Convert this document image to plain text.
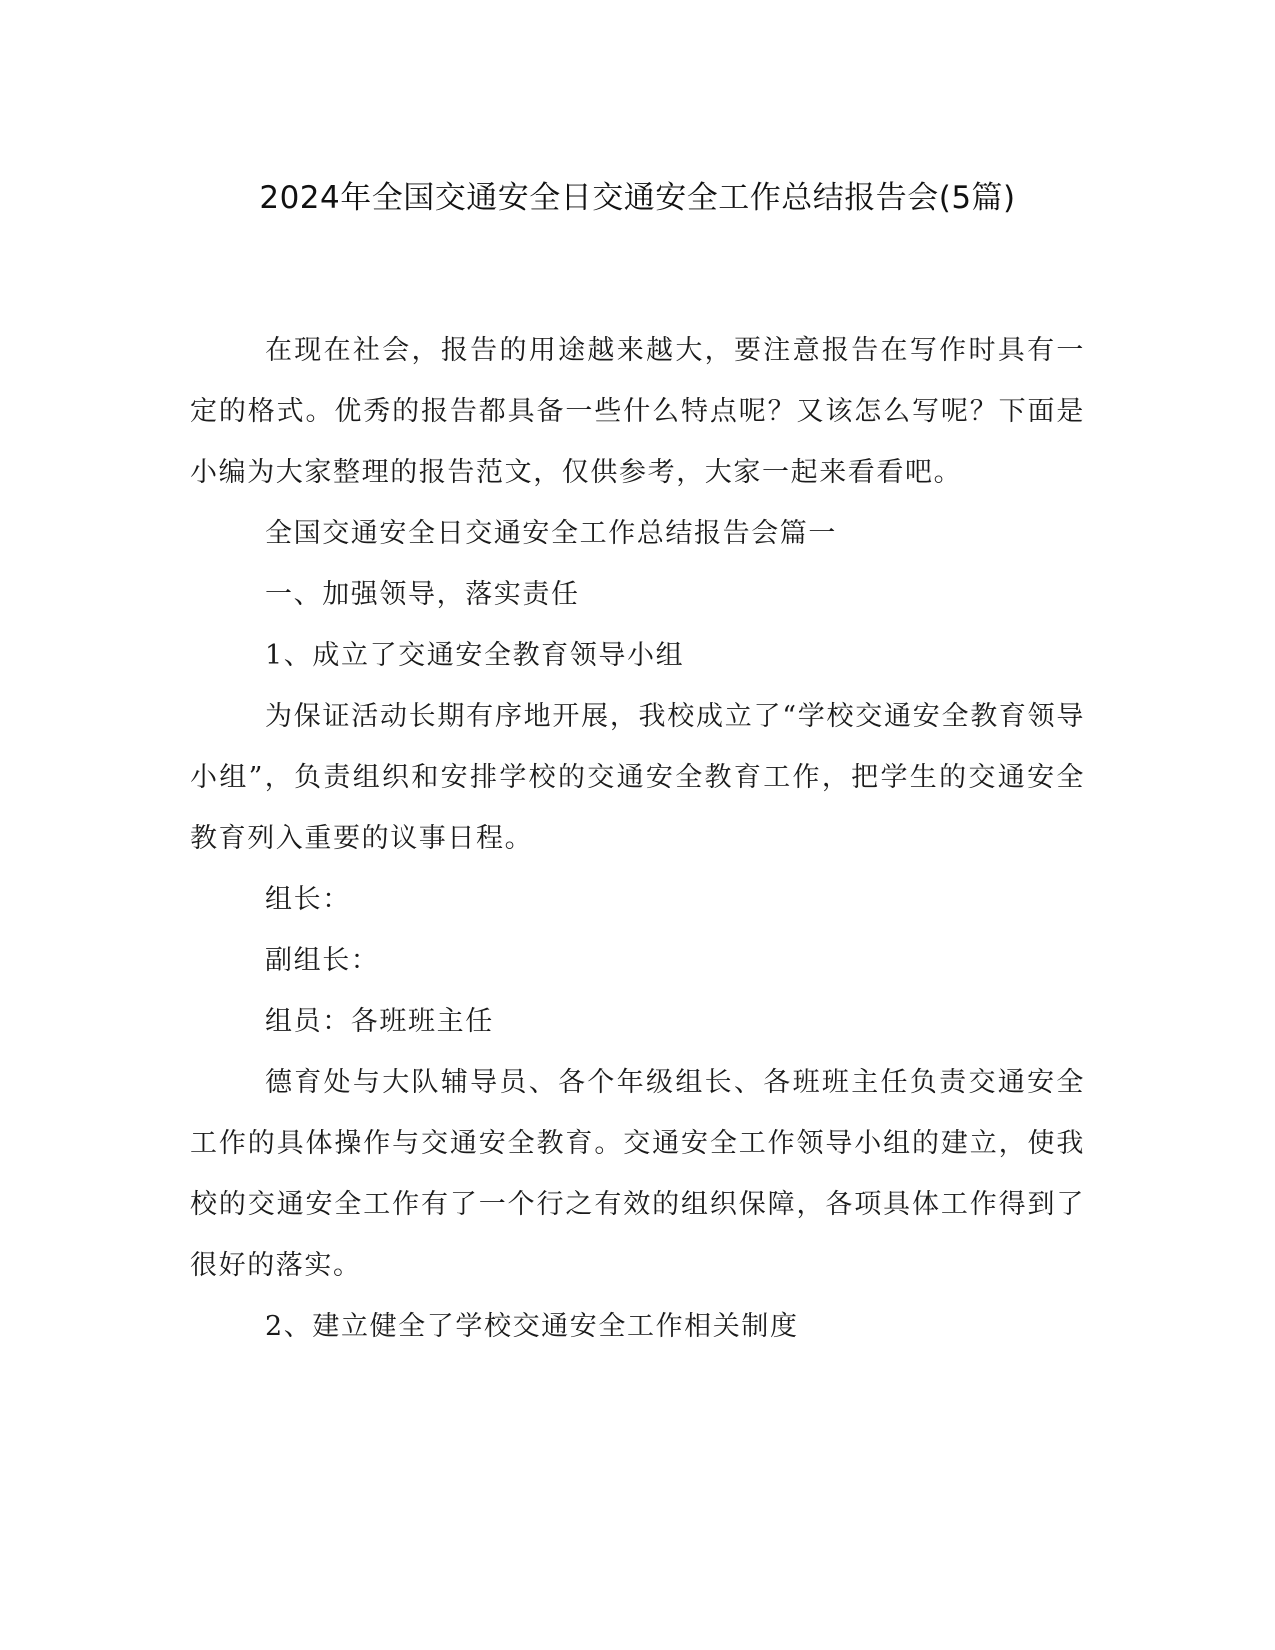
2024年全国交通安全日交通安全工作总结报告会(5篇)

在现在社会，报告的用途越来越大，要注意报告在写作时具有一定的格式。优秀的报告都具备一些什么特点呢？又该怎么写呢？下面是小编为大家整理的报告范文，仅供参考，大家一起来看看吧。

全国交通安全日交通安全工作总结报告会篇一

一、加强领导，落实责任

1、成立了交通安全教育领导小组

为保证活动长期有序地开展，我校成立了“学校交通安全教育领导小组”，负责组织和安排学校的交通安全教育工作，把学生的交通安全教育列入重要的议事日程。

组长：

副组长：

组员：各班班主任

德育处与大队辅导员、各个年级组长、各班班主任负责交通安全工作的具体操作与交通安全教育。交通安全工作领导小组的建立，使我校的交通安全工作有了一个行之有效的组织保障，各项具体工作得到了很好的落实。

2、建立健全了学校交通安全工作相关制度
